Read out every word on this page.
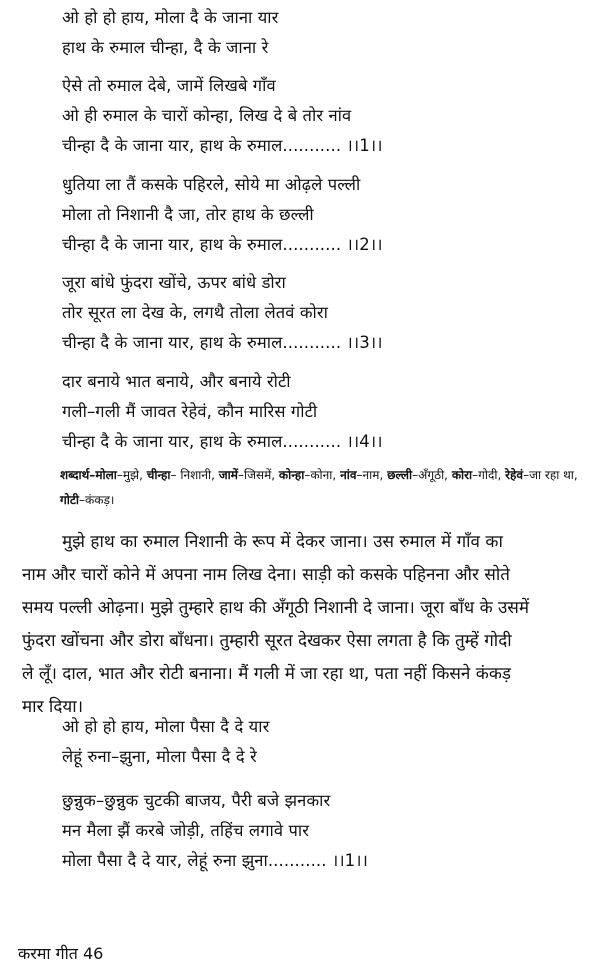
ओ हो हो हाय, मोला दै के जाना यार
हाथ के रुमाल चीन्हा, दै के जाना रे
ऐसे तो रुमाल देबे, जामें लिखबे गाँव
ओ ही रुमाल के चारों कोन्हा, लिख दे बे तोर नांव
चीन्हा दै के जाना यार, हाथ के रुमाल........... ।।1।।
धुतिया ला तैं कसके पहिरले, सोये मा ओढ़ले पल्ली
मोला तो निशानी दै जा, तोर हाथ के छल्ली
चीन्हा दै के जाना यार, हाथ के रुमाल........... ।।2।।
जूरा बांधे फुंदरा खोंचे, ऊपर बांधे डोरा
तोर सूरत ला देख के, लगथै तोला लेतवं कोरा
चीन्हा दै के जाना यार, हाथ के रुमाल........... ।।3।।
दार बनाये भात बनाये, और बनाये रोटी
गली–गली मैं जावत रेहेवं, कौन मारिस गोटी
चीन्हा दै के जाना यार, हाथ के रुमाल........... ।।4।।
शब्दार्थ–मोला–मुझे, चीन्हा– निशानी, जामें–जिसमें, कोन्हा–कोना, नांव–नाम, छल्ली–अँगूठी, कोरा–गोदी, रेहेवं–जा रहा था, गोटी–कंकड़।
मुझे हाथ का रुमाल निशानी के रूप में देकर जाना। उस रुमाल में गाँव का
नाम और चारों कोने में अपना नाम लिख देना। साड़ी को कसके पहिनना और सोते
समय पल्ली ओढ़ना। मुझे तुम्हारे हाथ की अँगूठी निशानी दे जाना। जूरा बाँध के उसमें
फुंदरा खोंचना और डोरा बाँधना। तुम्हारी सूरत देखकर ऐसा लगता है कि तुम्हें गोदी
ले लूँ। दाल, भात और रोटी बनाना। मैं गली में जा रहा था, पता नहीं किसने कंकड़
मार दिया।
ओ हो हो हाय, मोला पैसा दै दे यार
लेहूं रुना–झुना, मोला पैसा दै दे रे
छुन्नुक–छुन्नुक चुटकी बाजय, पैरी बजे झनकार
मन मैला झैं करबे जोड़ी, तहिंच लगावे पार
मोला पैसा दै दे यार, लेहूं रुना झुना........... ।।1।।
करमा गीत 46
